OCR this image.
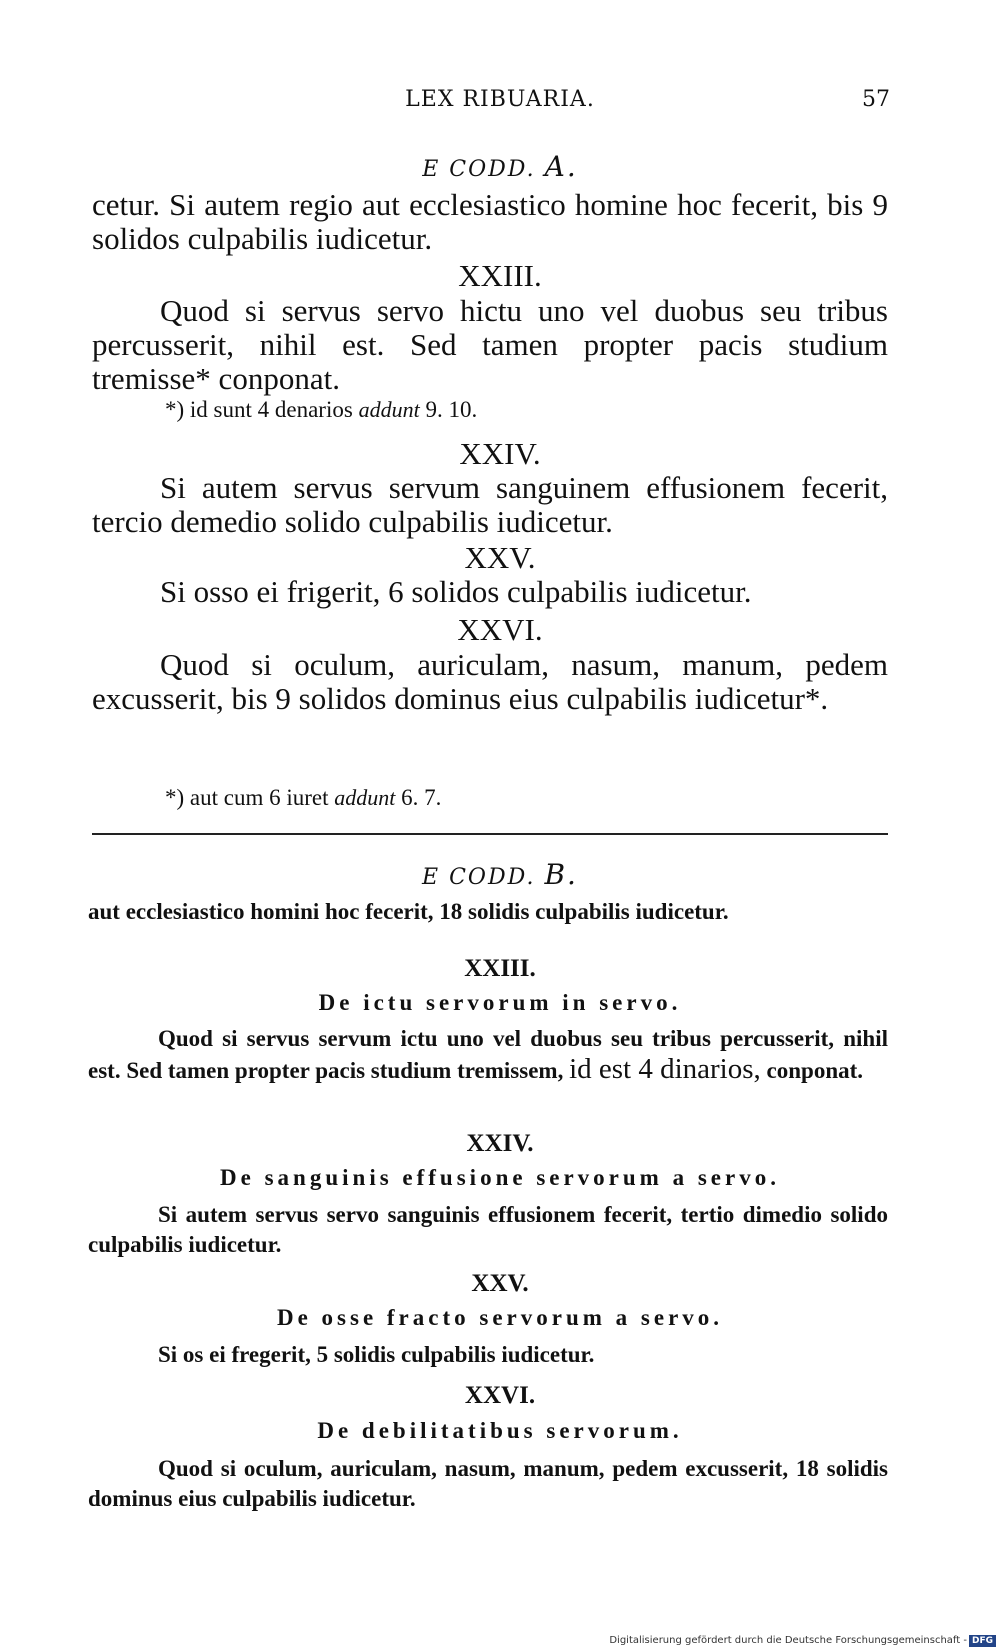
LEX RIBUARIA.	57
E CODD. A.
cetur. Si autem regio aut ecclesiastico homine hoc fecerit, bis 9 solidos culpabilis iudicetur.
XXIII.
Quod si servus servo hictu uno vel duobus seu tribus percusserit, nihil est. Sed tamen propter pacis studium tremisse* conponat.
*) id sunt 4 denarios addunt 9. 10.
XXIV.
Si autem servus servum sanguinem effusionem fecerit, tercio demedio solido culpabilis iudicetur.
XXV.
Si osso ei frigerit, 6 solidos culpabilis iudicetur.
XXVI.
Quod si oculum, auriculam, nasum, manum, pedem excusserit, bis 9 solidos dominus eius culpabilis iudicetur*.
*) aut cum 6 iuret addunt 6. 7.
E CODD. B.
aut ecclesiastico homini hoc fecerit, 18 solidis culpabilis iudicetur.
XXIII.
De ictu servorum in servo.
Quod si servus servum ictu uno vel duobus seu tribus percusserit, nihil est. Sed tamen propter pacis studium tremissem, id est 4 dinarios, conponat.
XXIV.
De sanguinis effusione servorum a servo.
Si autem servus servo sanguinis effusionem fecerit, tertio dimedio solido culpabilis iudicetur.
XXV.
De osse fracto servorum a servo.
Si os ei fregerit, 5 solidis culpabilis iudicetur.
XXVI.
De debilitatibus servorum.
Quod si oculum, auriculam, nasum, manum, pedem excusserit, 18 solidis dominus eius culpabilis iudicetur.
Digitalisierung gefördert durch die Deutsche Forschungsgemeinschaft - DFG
